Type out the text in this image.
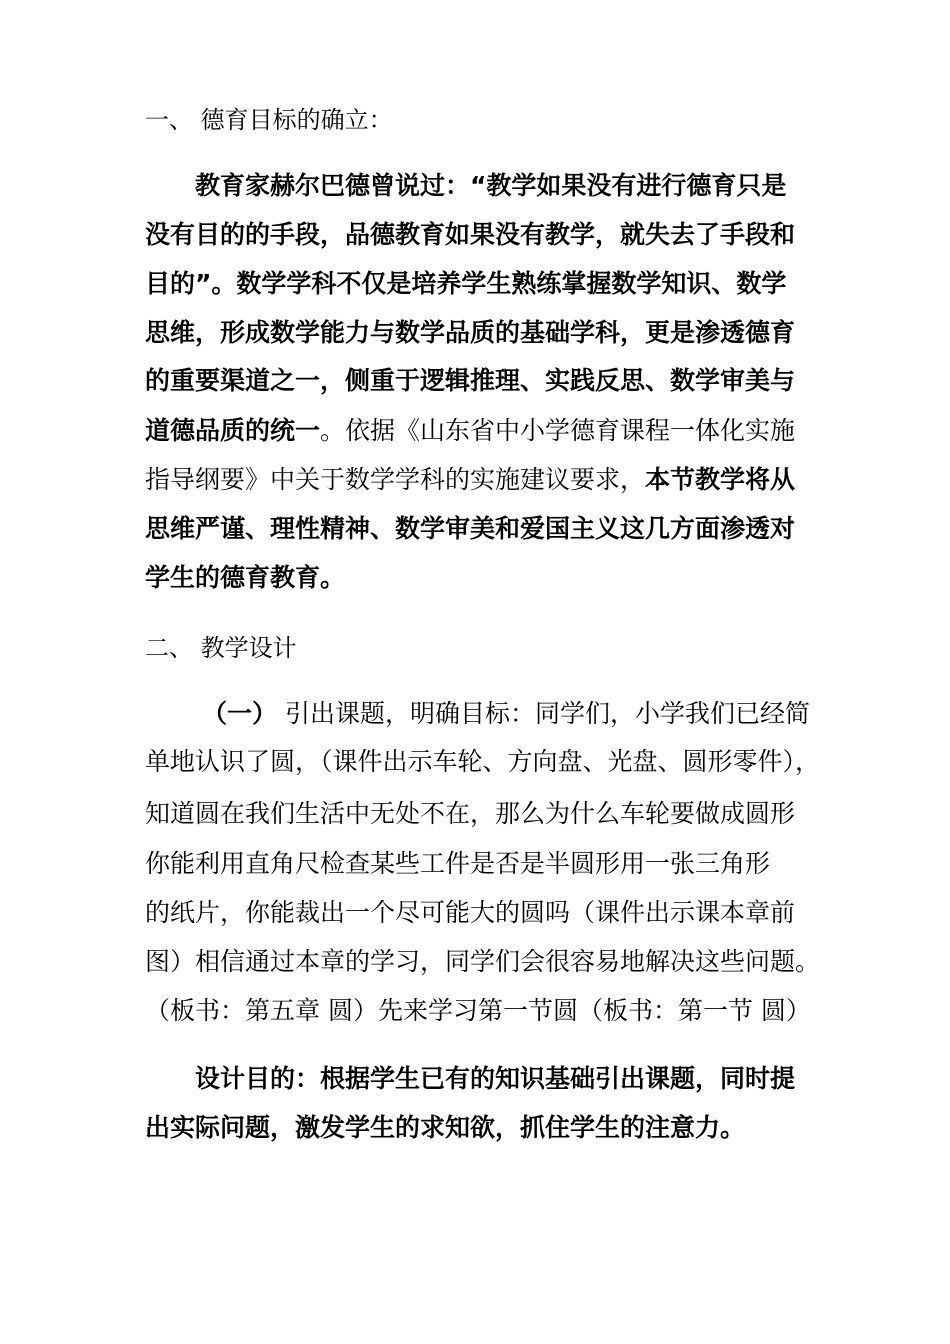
一、 德育目标的确立：
教育家赫尔巴德曾说过：“教学如果没有进行德育只是
没有目的的手段，品德教育如果没有教学，就失去了手段和
目的”。数学学科不仅是培养学生熟练掌握数学知识、数学
思维，形成数学能力与数学品质的基础学科，更是渗透德育
的重要渠道之一，侧重于逻辑推理、实践反思、数学审美与
道德品质的统一。依据《山东省中小学德育课程一体化实施
指导纲要》中关于数学学科的实施建议要求，本节教学将从
思维严谨、理性精神、数学审美和爱国主义这几方面渗透对
学生的德育教育。
二、 教学设计
（一） 引出课题，明确目标：同学们，小学我们已经简
单地认识了圆，（课件出示车轮、方向盘、光盘、圆形零件），
知道圆在我们生活中无处不在，那么为什么车轮要做成圆形
你能利用直角尺检查某些工件是否是半圆形用一张三角形
的纸片，你能裁出一个尽可能大的圆吗（课件出示课本章前
图）相信通过本章的学习，同学们会很容易地解决这些问题。
（板书：第五章 圆）先来学习第一节圆（板书：第一节 圆）
设计目的：根据学生已有的知识基础引出课题，同时提
出实际问题，激发学生的求知欲，抓住学生的注意力。
